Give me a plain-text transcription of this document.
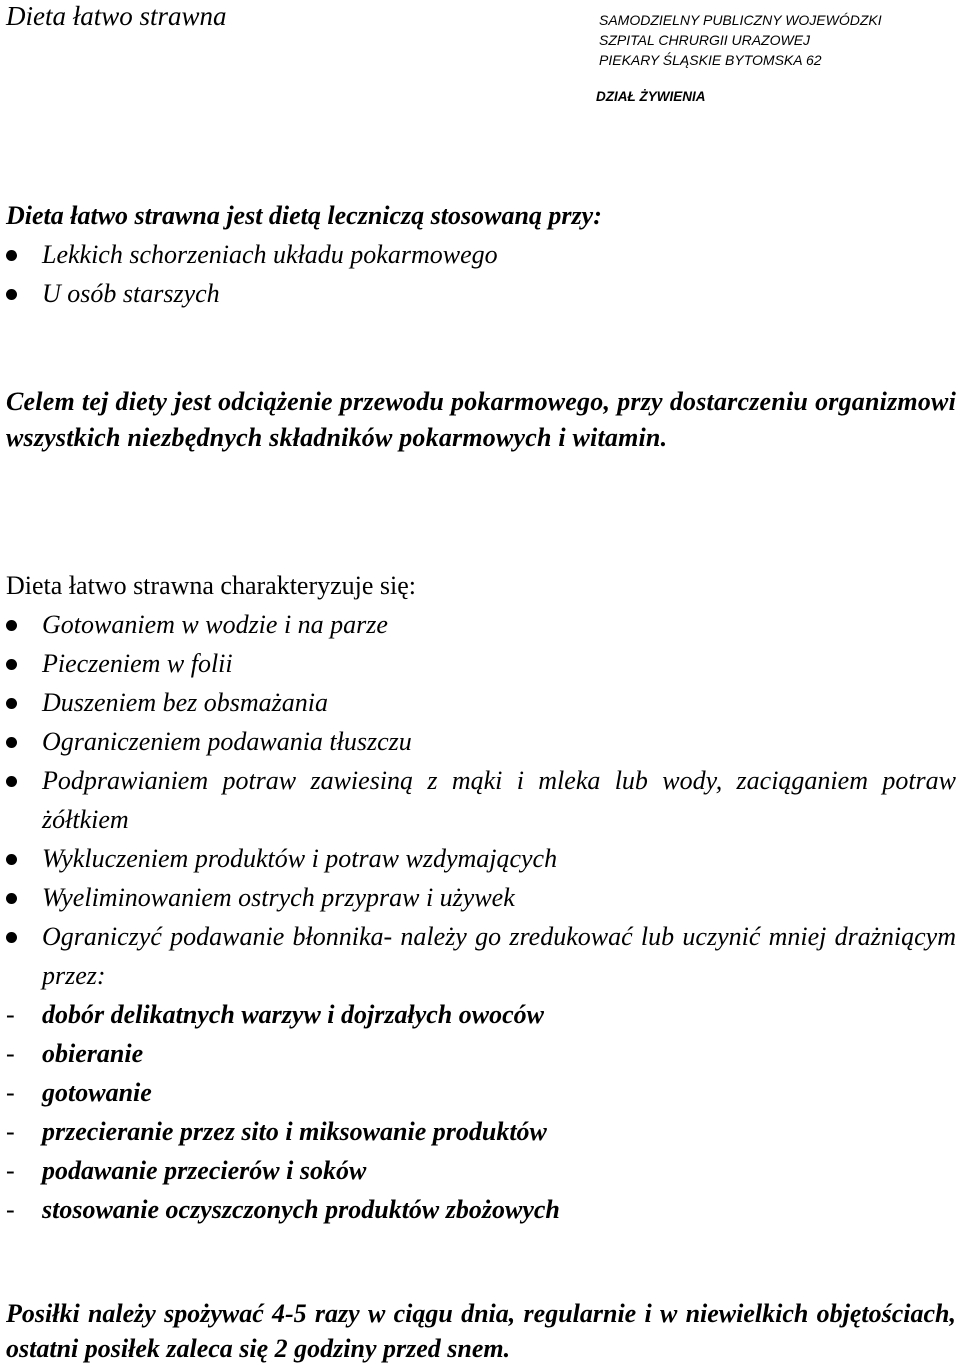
Dieta łatwo strawna	SAMODZIELNY PUBLICZNY WOJEWÓDZKI
SZPITAL CHRURGII URAZOWEJ
PIEKARY ŚLĄSKIE BYTOMSKA 62
DZIAŁ ŻYWIENIA
Dieta łatwo strawna jest dietą leczniczą stosowaną przy:
Lekkich schorzeniach układu pokarmowego
U osób starszych
Celem tej diety jest odciążenie przewodu pokarmowego, przy dostarczeniu organizmowi wszystkich niezbędnych składników pokarmowych i witamin.
Dieta łatwo strawna charakteryzuje się:
Gotowaniem w wodzie i na parze
Pieczeniem w folii
Duszeniem bez obsmażania
Ograniczeniem podawania tłuszczu
Podprawianiem potraw zawiesiną z mąki i mleka lub wody, zaciąganiem potraw żółtkiem
Wykluczeniem produktów i potraw wzdymających
Wyeliminowaniem ostrych przypraw i używek
Ograniczyć podawanie błonnika- należy go zredukować lub uczynić mniej drażniącym przez:
- dobór delikatnych warzyw i dojrzałych owoców
- obieranie
- gotowanie
- przecieranie przez sito i miksowanie produktów
- podawanie przecierów i soków
- stosowanie oczyszczonych produktów zbożowych
Posiłki należy spożywać 4-5 razy w ciągu dnia, regularnie i w niewielkich objętościach, ostatni posiłek zaleca się 2 godziny przed snem.
